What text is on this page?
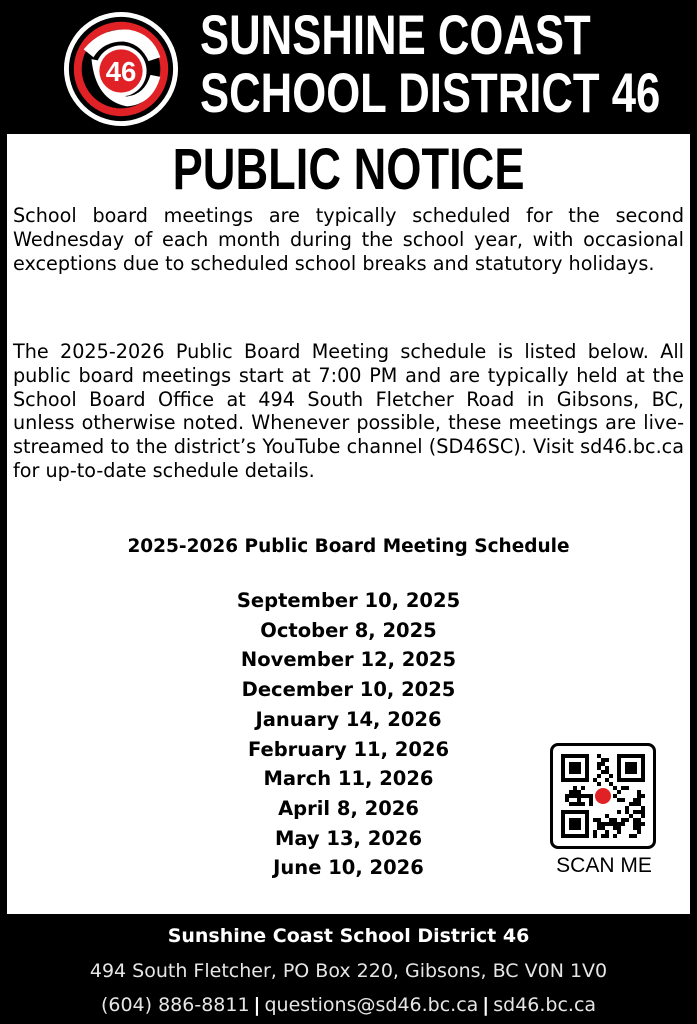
46
SUNSHINE COAST
SCHOOL DISTRICT 46
PUBLIC NOTICE

School board meetings are typically scheduled for the second Wednesday of each month during the school year, with occasional exceptions due to scheduled school breaks and statutory holidays.

The 2025-2026 Public Board Meeting schedule is listed below. All public board meetings start at 7:00 PM and are typically held at the School Board Office at 494 South Fletcher Road in Gibsons, BC, unless otherwise noted. Whenever possible, these meetings are live-streamed to the district’s YouTube channel (SD46SC). Visit sd46.bc.ca for up-to-date schedule details.

2025-2026 Public Board Meeting Schedule
September 10, 2025
October 8, 2025
November 12, 2025
December 10, 2025
January 14, 2026
February 11, 2026
March 11, 2026
April 8, 2026
May 13, 2026
June 10, 2026	SCAN ME
Sunshine Coast School District 46
494 South Fletcher, PO Box 220, Gibsons, BC V0N 1V0
(604) 886-8811 | questions@sd46.bc.ca | sd46.bc.ca
